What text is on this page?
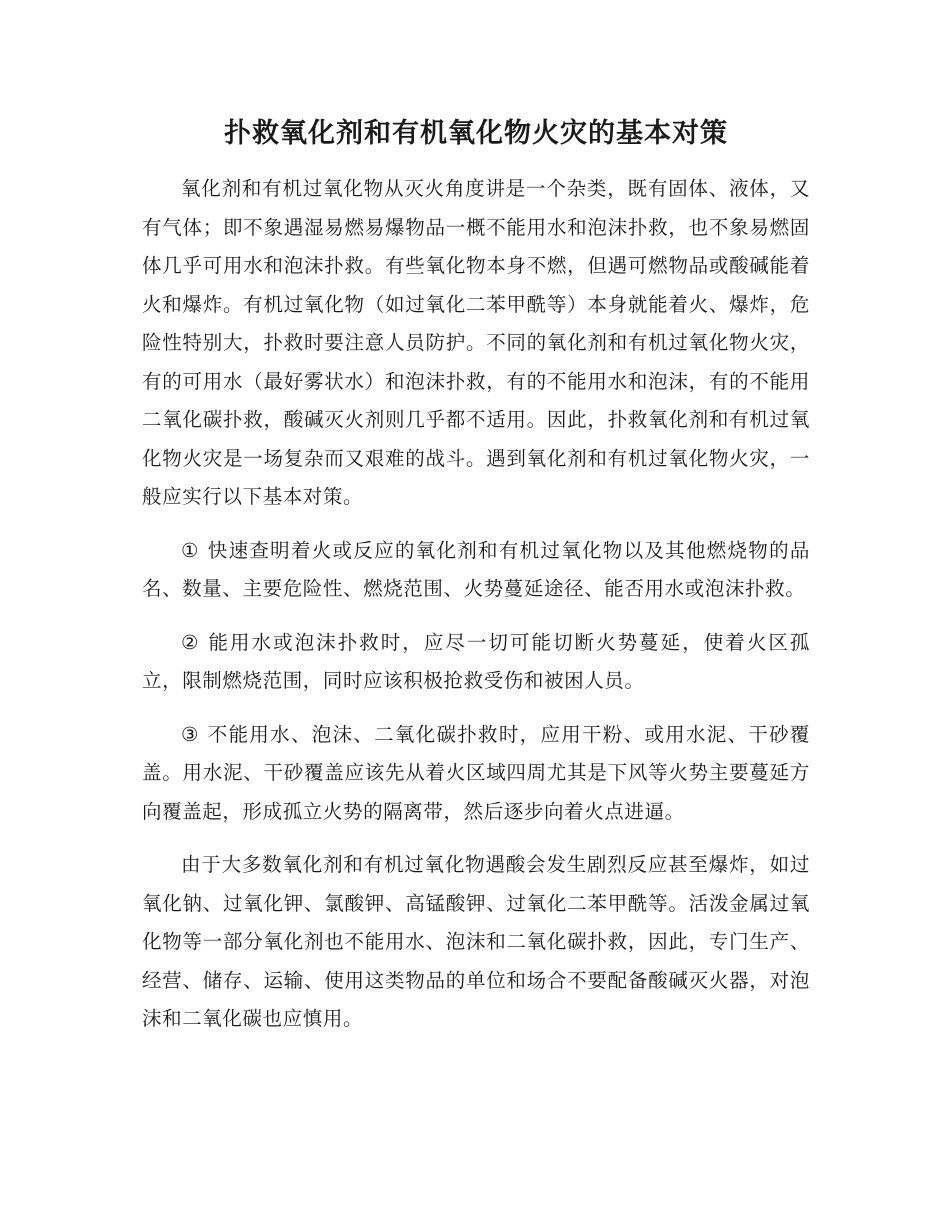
扑救氧化剂和有机氧化物火灾的基本对策

氧化剂和有机过氧化物从灭火角度讲是一个杂类，既有固体、液体，又有气体；即不象遇湿易燃易爆物品一概不能用水和泡沫扑救，也不象易燃固体几乎可用水和泡沫扑救。有些氧化物本身不燃，但遇可燃物品或酸碱能着火和爆炸。有机过氧化物（如过氧化二苯甲酰等）本身就能着火、爆炸，危险性特别大，扑救时要注意人员防护。不同的氧化剂和有机过氧化物火灾，有的可用水（最好雾状水）和泡沫扑救，有的不能用水和泡沫，有的不能用二氧化碳扑救，酸碱灭火剂则几乎都不适用。因此，扑救氧化剂和有机过氧化物火灾是一场复杂而又艰难的战斗。遇到氧化剂和有机过氧化物火灾，一般应实行以下基本对策。

① 快速查明着火或反应的氧化剂和有机过氧化物以及其他燃烧物的品名、数量、主要危险性、燃烧范围、火势蔓延途径、能否用水或泡沫扑救。

② 能用水或泡沫扑救时，应尽一切可能切断火势蔓延，使着火区孤立，限制燃烧范围，同时应该积极抢救受伤和被困人员。

③ 不能用水、泡沫、二氧化碳扑救时，应用干粉、或用水泥、干砂覆盖。用水泥、干砂覆盖应该先从着火区域四周尤其是下风等火势主要蔓延方向覆盖起，形成孤立火势的隔离带，然后逐步向着火点进逼。

由于大多数氧化剂和有机过氧化物遇酸会发生剧烈反应甚至爆炸，如过氧化钠、过氧化钾、氯酸钾、高锰酸钾、过氧化二苯甲酰等。活泼金属过氧化物等一部分氧化剂也不能用水、泡沫和二氧化碳扑救，因此，专门生产、经营、储存、运输、使用这类物品的单位和场合不要配备酸碱灭火器，对泡沫和二氧化碳也应慎用。
